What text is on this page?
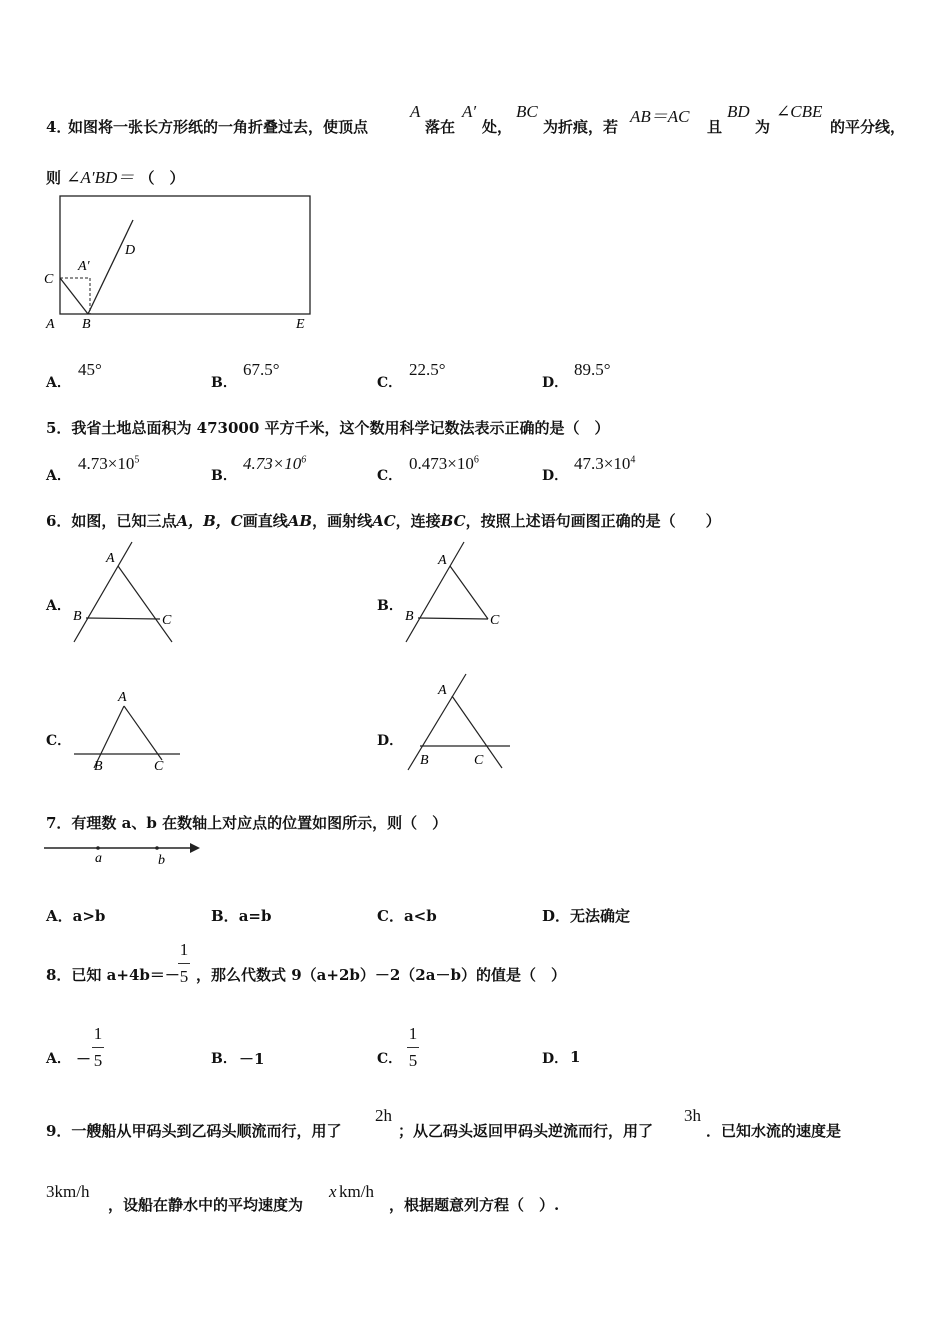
4．
如图将一张长方形纸的一角折叠过去，使顶点
A
落在
A′
处，
BC
为折痕，若
AB＝AC
且
BD
为
∠CBE
的平分线，
则 ∠A′BD＝ （　）
C
A′
D
A B	E
A．
45°
B．
67.5°
C．
22.5°
D．
89.5°
5．我省土地总面积为 473000 平方千米，这个数用科学记数法表示正确的是（　）
A．
$4.73\times 10^5$
B．
$4.73\times 10^6$
C．
$0.473\times 10^6$
D．
$47.3\times 10^4$
6．如图，已知三点A，B，C画直线AB，画射线AC，连接BC，按照上述语句画图正确的是（　　）
A．
A
B	C
B．
A
B	C
C．
A
B	C
D．
A
B	C
7．有理数 a、b 在数轴上对应点的位置如图所示，则（　）
a	b
A．a>b	B．a=b	C．a<b	D．无法确定
8．已知 a+4b＝－
1
5 ，那么代数式 9（a+2b）－2（2a－b）的值是（　）
A． －
1
5	B． －1	C．
1
5	D． 1
9．一艘船从甲码头到乙码头顺流而行，用了
2h
；从乙码头返回甲码头逆流而行，用了
3h
．已知水流的速度是
3km/h
，设船在静水中的平均速度为
x km/h
，根据题意列方程（　）.
